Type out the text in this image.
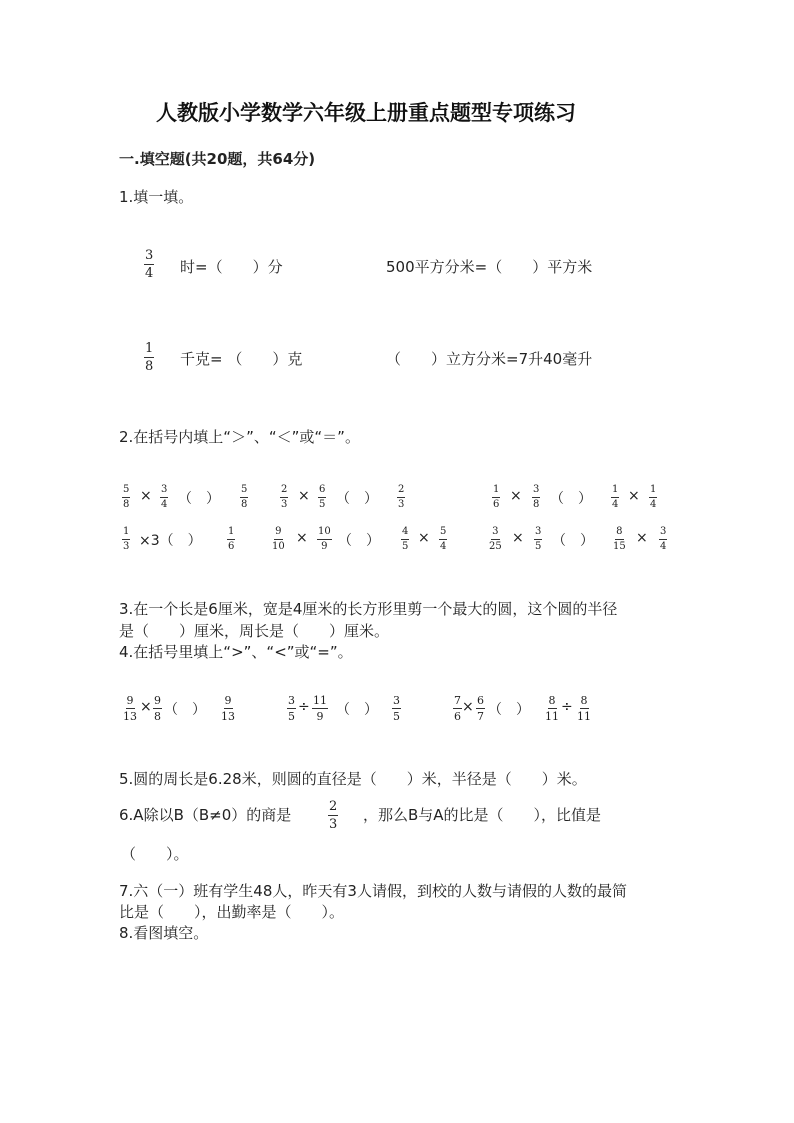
人教版小学数学六年级上册重点题型专项练习
一.填空题(共20题，共64分)
1.填一填。
$\frac{3}{4}$ 时=（　　）分	500平方分米=（　　）平方米
$\frac{1}{8}$ 千克= （　　）克	（　　）立方分米=7升40毫升
2.在括号内填上“＞”、“＜”或“＝”。
$\frac{5}{8} \times \frac{3}{4}$ （　） $\frac{5}{8}$	$\frac{2}{3} \times \frac{6}{5}$ （　） $\frac{2}{3}$	$\frac{1}{6} \times \frac{3}{8}$ （　） $\frac{1}{4} \times \frac{1}{4}$
$\frac{1}{3} \times 3$（　）	$\frac{1}{6}$	$\frac{9}{10} \times \frac{10}{9}$ （　） $\frac{4}{5} \times \frac{5}{4}$	$\frac{3}{25} \times \frac{3}{5}$ （　） $\frac{8}{15} \times \frac{3}{4}$
3.在一个长是6厘米，宽是4厘米的长方形里剪一个最大的圆，这个圆的半径
是（　　）厘米，周长是（　　）厘米。
4.在括号里填上“>”、“<”或“=”。
$\frac{9}{13} \times \frac{9}{8}$ （　） $\frac{9}{13}$	$\frac{3}{5} \div \frac{11}{9}$ （　） $\frac{3}{5}$	$\frac{7}{6} \times \frac{6}{7}$ （　） $\frac{8}{11} \div \frac{8}{11}$
5.圆的周长是6.28米，则圆的直径是（　　）米，半径是（　　）米。
6.A除以B（B≠0）的商是	$\frac{2}{3}$ ，那么B与A的比是（　　），比值是
（　　）。
7.六（一）班有学生48人，昨天有3人请假，到校的人数与请假的人数的最简
比是（　　），出勤率是（　　）。
8.看图填空。
